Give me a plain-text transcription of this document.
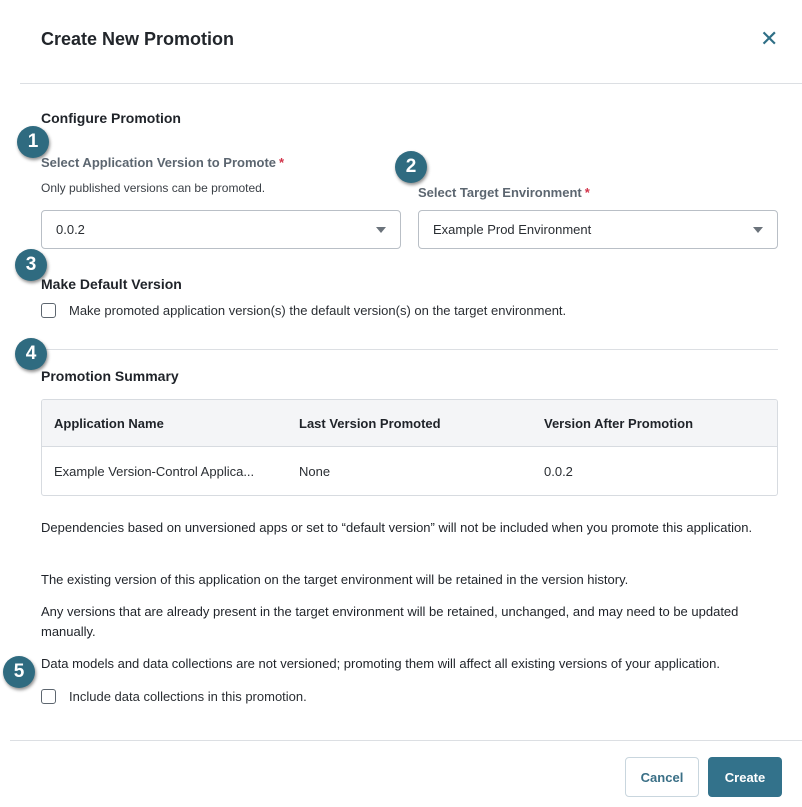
Create New Promotion	✕
Configure Promotion
1
Select Application Version to Promote *
Only published versions can be promoted.
0.0.2
2
Select Target Environment *
Example Prod Environment
3
Make Default Version
Make promoted application version(s) the default version(s) on the target environment.
4
Promotion Summary
Application Name	Last Version Promoted	Version After Promotion
Example Version-Control Applica...	None	0.0.2
Dependencies based on unversioned apps or set to “default version” will not be included when you promote this application.
The existing version of this application on the target environment will be retained in the version history.
Any versions that are already present in the target environment will be retained, unchanged, and may need to be updated manually.
Data models and data collections are not versioned; promoting them will affect all existing versions of your application.
5
Include data collections in this promotion.
Cancel	Create
